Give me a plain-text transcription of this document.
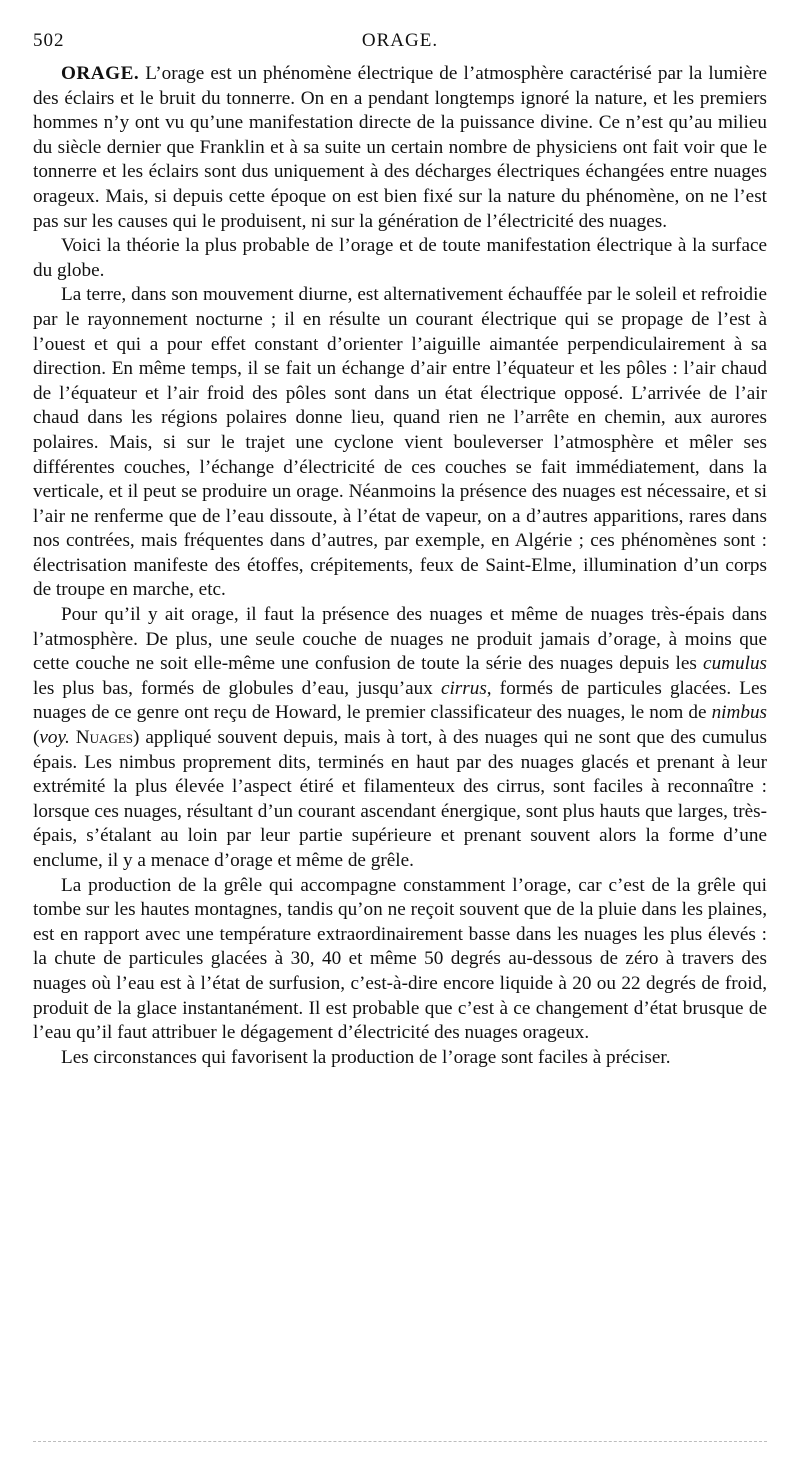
502	ORAGE.

ORAGE. L’orage est un phénomène électrique de l’atmosphère caractérisé par la lumière des éclairs et le bruit du tonnerre. On en a pendant longtemps ignoré la nature, et les premiers hommes n’y ont vu qu’une manifestation directe de la puissance divine. Ce n’est qu’au milieu du siècle dernier que Franklin et à sa suite un certain nombre de physiciens ont fait voir que le tonnerre et les éclairs sont dus uniquement à des décharges électriques échangées entre nuages orageux. Mais, si depuis cette époque on est bien fixé sur la nature du phénomène, on ne l’est pas sur les causes qui le produisent, ni sur la génération de l’électricité des nuages.

Voici la théorie la plus probable de l’orage et de toute manifestation électrique à la surface du globe.

La terre, dans son mouvement diurne, est alternativement échauffée par le soleil et refroidie par le rayonnement nocturne ; il en résulte un courant électrique qui se propage de l’est à l’ouest et qui a pour effet constant d’orienter l’aiguille aimantée perpendiculairement à sa direction. En même temps, il se fait un échange d’air entre l’équateur et les pôles : l’air chaud de l’équateur et l’air froid des pôles sont dans un état électrique opposé. L’arrivée de l’air chaud dans les régions polaires donne lieu, quand rien ne l’arrête en chemin, aux aurores polaires. Mais, si sur le trajet une cyclone vient bouleverser l’atmosphère et mêler ses différentes couches, l’échange d’électricité de ces couches se fait immédiatement, dans la verticale, et il peut se produire un orage. Néanmoins la présence des nuages est nécessaire, et si l’air ne renferme que de l’eau dissoute, à l’état de vapeur, on a d’autres apparitions, rares dans nos contrées, mais fréquentes dans d’autres, par exemple, en Algérie ; ces phénomènes sont : électrisation manifeste des étoffes, crépitements, feux de Saint-Elme, illumination d’un corps de troupe en marche, etc.

Pour qu’il y ait orage, il faut la présence des nuages et même de nuages très-épais dans l’atmosphère. De plus, une seule couche de nuages ne produit jamais d’orage, à moins que cette couche ne soit elle-même une confusion de toute la série des nuages depuis les cumulus les plus bas, formés de globules d’eau, jusqu’aux cirrus, formés de particules glacées. Les nuages de ce genre ont reçu de Howard, le premier classificateur des nuages, le nom de nimbus (voy. Nuages) appliqué souvent depuis, mais à tort, à des nuages qui ne sont que des cumulus épais. Les nimbus proprement dits, terminés en haut par des nuages glacés et prenant à leur extrémité la plus élevée l’aspect étiré et filamenteux des cirrus, sont faciles à reconnaître : lorsque ces nuages, résultant d’un courant ascendant énergique, sont plus hauts que larges, très-épais, s’étalant au loin par leur partie supérieure et prenant souvent alors la forme d’une enclume, il y a menace d’orage et même de grêle.

La production de la grêle qui accompagne constamment l’orage, car c’est de la grêle qui tombe sur les hautes montagnes, tandis qu’on ne reçoit souvent que de la pluie dans les plaines, est en rapport avec une température extraordinairement basse dans les nuages les plus élevés : la chute de particules glacées à 30, 40 et même 50 degrés au-dessous de zéro à travers des nuages où l’eau est à l’état de surfusion, c’est-à-dire encore liquide à 20 ou 22 degrés de froid, produit de la glace instantanément. Il est probable que c’est à ce changement d’état brusque de l’eau qu’il faut attribuer le dégagement d’électricité des nuages orageux.

Les circonstances qui favorisent la production de l’orage sont faciles à préciser.
